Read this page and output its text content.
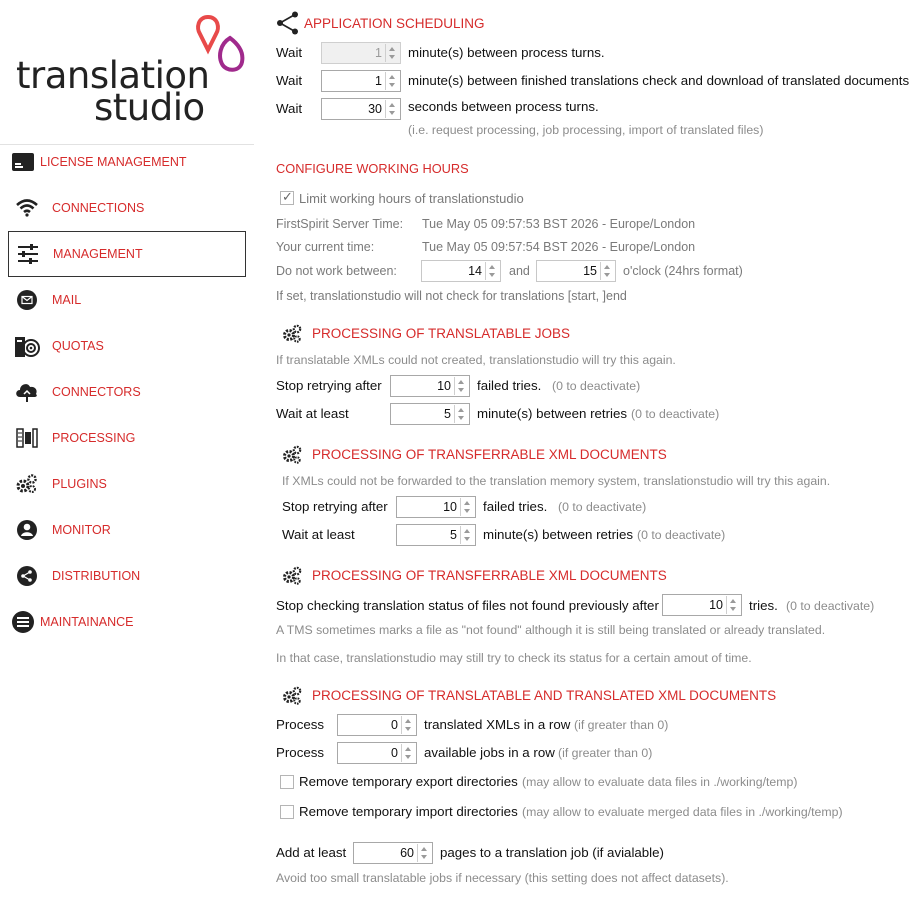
translation
studio
LICENSE MANAGEMENT
CONNECTIONS
MANAGEMENT
MAIL
QUOTAS
CONNECTORS
PROCESSING
PLUGINS
MONITOR
DISTRIBUTION
MAINTAINANCE
APPLICATION SCHEDULING
Wait	1 minute(s) between process turns.
Wait	1 minute(s) between finished translations check and download of translated documents
Wait	30 seconds between process turns.
(i.e. request processing, job processing, import of translated files)
CONFIGURE WORKING HOURS
✓
Limit working hours of translationstudio
FirstSpirit Server Time: Tue May 05 09:57:53 BST 2026 - Europe/London
Your current time:	Tue May 05 09:57:54 BST 2026 - Europe/London
Do not work between:	14 and	15 o'clock (24hrs format)
If set, translationstudio will not check for translations [start, ]end
PROCESSING OF TRANSLATABLE JOBS
If translatable XMLs could not created, translationstudio will try this again.
Stop retrying after	10 failed tries. (0 to deactivate)
Wait at least	5 minute(s) between retries (0 to deactivate)
PROCESSING OF TRANSFERRABLE XML DOCUMENTS
If XMLs could not be forwarded to the translation memory system, translationstudio will try this again.
Stop retrying after	10 failed tries. (0 to deactivate)
Wait at least	5 minute(s) between retries (0 to deactivate)
PROCESSING OF TRANSFERRABLE XML DOCUMENTS
Stop checking translation status of files not found previously after	10 tries. (0 to deactivate)
A TMS sometimes marks a file as "not found" although it is still being translated or already translated.
In that case, translationstudio may still try to check its status for a certain amout of time.
PROCESSING OF TRANSLATABLE AND TRANSLATED XML DOCUMENTS
Process	0 translated XMLs in a row (if greater than 0)
Process	0 available jobs in a row (if greater than 0)
Remove temporary export directories (may allow to evaluate data files in ./working/temp)
Remove temporary import directories (may allow to evaluate merged data files in ./working/temp)
Add at least	60 pages to a translation job (if avialable)
Avoid too small translatable jobs if necessary (this setting does not affect datasets).
